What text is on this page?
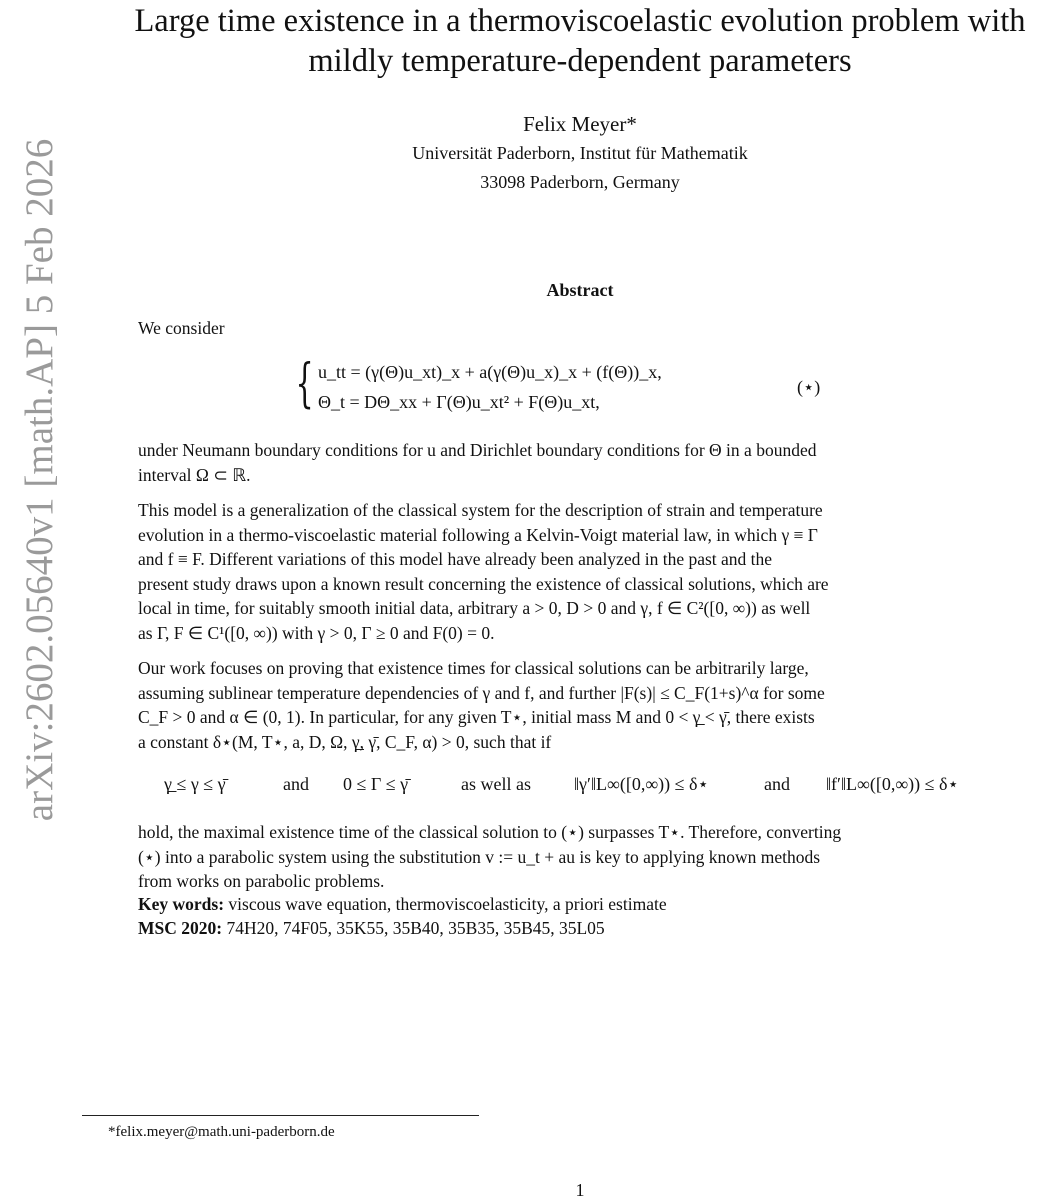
arXiv:2602.05640v1 [math.AP] 5 Feb 2026
Large time existence in a thermoviscoelastic evolution problem with
mildly temperature-dependent parameters
Felix Meyer*
Universität Paderborn, Institut für Mathematik
33098 Paderborn, Germany
Abstract
We consider
{ u_tt = (γ(Θ)u_xt)_x + a(γ(Θ)u_x)_x + (f(Θ))_x,
Θ_t = DΘ_xx + Γ(Θ)u_xt² + F(Θ)u_xt,
(⋆)
under Neumann boundary conditions for u and Dirichlet boundary conditions for Θ in a bounded
interval Ω ⊂ ℝ.
This model is a generalization of the classical system for the description of strain and temperature
evolution in a thermo-viscoelastic material following a Kelvin-Voigt material law, in which γ ≡ Γ
and f ≡ F. Different variations of this model have already been analyzed in the past and the
present study draws upon a known result concerning the existence of classical solutions, which are
local in time, for suitably smooth initial data, arbitrary a > 0, D > 0 and γ, f ∈ C²([0, ∞)) as well
as Γ, F ∈ C¹([0, ∞)) with γ > 0, Γ ≥ 0 and F(0) = 0.
Our work focuses on proving that existence times for classical solutions can be arbitrarily large,
assuming sublinear temperature dependencies of γ and f, and further |F(s)| ≤ C_F(1+s)^α for some
C_F > 0 and α ∈ (0, 1). In particular, for any given T⋆, initial mass M and 0 < γ̲ < γ̄, there exists
a constant δ⋆(M, T⋆, a, D, Ω, γ̲, γ̄, C_F, α) > 0, such that if
γ̲ ≤ γ ≤ γ̄	and 0 ≤ Γ ≤ γ̄	as well as ‖γ′‖L∞([0,∞)) ≤ δ⋆	and ‖f′‖L∞([0,∞)) ≤ δ⋆
hold, the maximal existence time of the classical solution to (⋆) surpasses T⋆. Therefore, converting
(⋆) into a parabolic system using the substitution v := u_t + au is key to applying known methods
from works on parabolic problems.
Key words: viscous wave equation, thermoviscoelasticity, a priori estimate
MSC 2020: 74H20, 74F05, 35K55, 35B40, 35B35, 35B45, 35L05
*felix.meyer@math.uni-paderborn.de
1
